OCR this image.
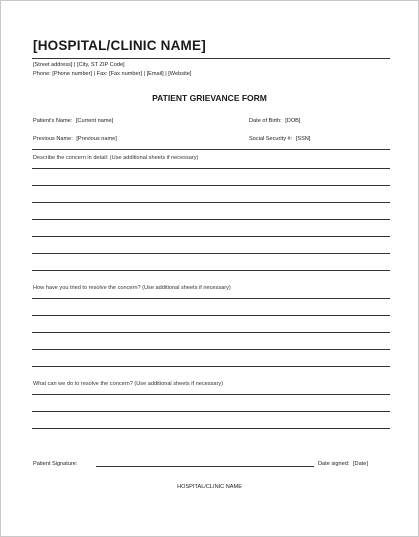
[HOSPITAL/CLINIC NAME]
[Street address] | [City, ST ZIP Code]
Phone: [Phone number] | Fax: [Fax number] | [Email] | [Website]
PATIENT GRIEVANCE FORM
Patient's Name: [Current name]	Date of Birth: [DOB]
Previous Name: [Previous name]	Social Security #: [SSN]
Describe the concern in detail: (Use additional sheets if necessary)
How have you tried to resolve the concern? (Use additional sheets if necessary)
What can we do to resolve the concern? (Use additional sheets if necessary)
Patient Signature:	Date signed: [Date]
HOSPITAL/CLINIC NAME
